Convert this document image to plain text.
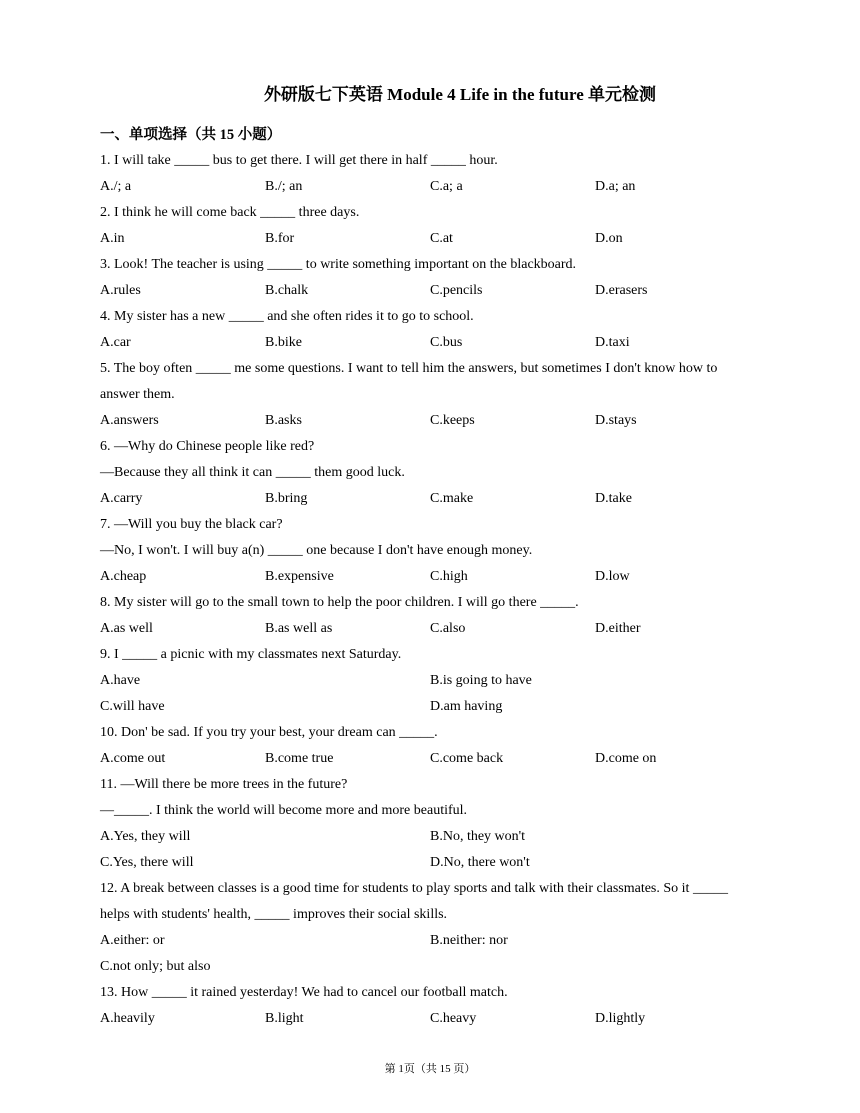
外研版七下英语 Module 4 Life in the future 单元检测
一、单项选择（共 15 小题）
1. I will take _____ bus to get there. I will get there in half _____ hour.
A./; a	B./; an	C.a; a	D.a; an
2. I think he will come back _____ three days.
A.in	B.for	C.at	D.on
3. Look! The teacher is using _____ to write something important on the blackboard.
A.rules	B.chalk	C.pencils	D.erasers
4. My sister has a new _____ and she often rides it to go to school.
A.car	B.bike	C.bus	D.taxi
5. The boy often _____ me some questions. I want to tell him the answers, but sometimes I don't know how to answer them.
A.answers	B.asks	C.keeps	D.stays
6. —Why do Chinese people like red?
—Because they all think it can _____ them good luck.
A.carry	B.bring	C.make	D.take
7. —Will you buy the black car?
—No, I won't. I will buy a(n) _____ one because I don't have enough money.
A.cheap	B.expensive	C.high	D.low
8. My sister will go to the small town to help the poor children. I will go there _____.
A.as well	B.as well as	C.also	D.either
9. I _____ a picnic with my classmates next Saturday.
A.have	B.is going to have
C.will have	D.am having
10. Don' be sad. If you try your best, your dream can _____.
A.come out	B.come true	C.come back	D.come on
11. —Will there be more trees in the future?
—_____. I think the world will become more and more beautiful.
A.Yes, they will	B.No, they won't
C.Yes, there will	D.No, there won't
12. A break between classes is a good time for students to play sports and talk with their classmates. So it _____ helps with students' health, _____ improves their social skills.
A.either: or	B.neither: nor
C.not only; but also
13. How _____ it rained yesterday! We had to cancel our football match.
A.heavily	B.light	C.heavy	D.lightly
第 1页（共 15 页）
